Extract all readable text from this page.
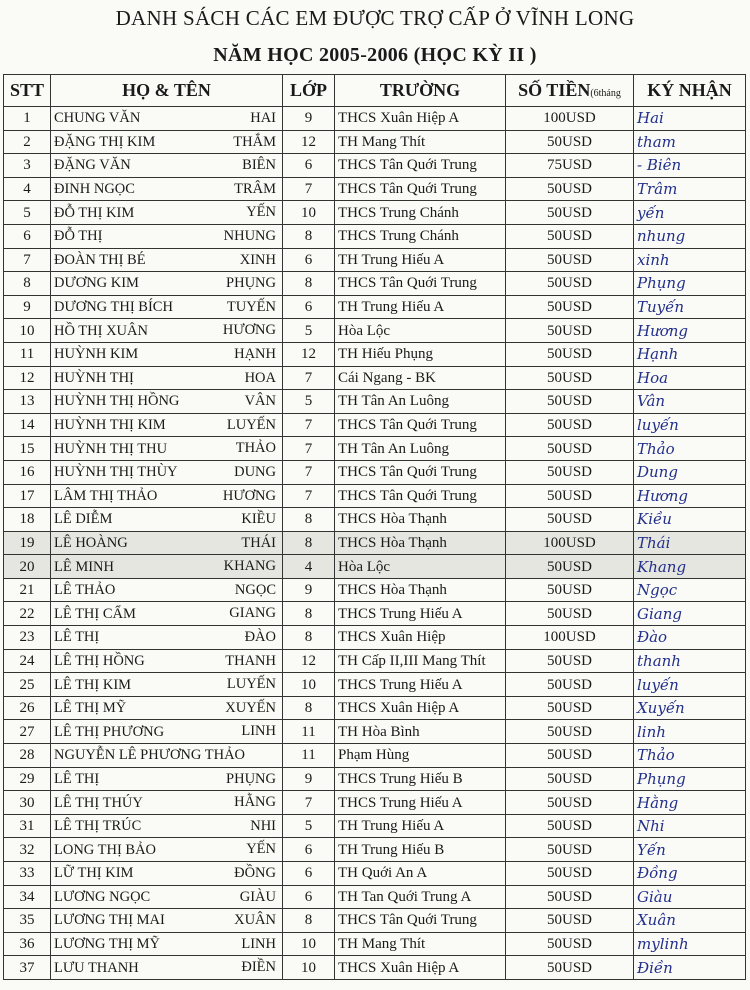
DANH SÁCH CÁC EM ĐƯỢC TRỢ CẤP Ở VĨNH LONG
NĂM HỌC 2005-2006 (HỌC KỲ II )
STT	HỌ & TÊN	LỚP	TRƯỜNG	SỐ TIỀN(6tháng	KÝ NHẬN
1	CHUNG VĂN HAI	9	THCS Xuân Hiệp A	100USD	Hai
2	ĐẶNG THỊ KIM THẮM	12	TH Mang Thít	50USD	tham
3	ĐẶNG VĂN BIÊN	6	THCS Tân Quới Trung	75USD	- Biên
4	ĐINH NGỌC TRÂM	7	THCS Tân Quới Trung	50USD	Trâm
5	ĐỖ THỊ KIM YẾN	10	THCS Trung Chánh	50USD	yến
6	ĐỖ THỊ NHUNG	8	THCS Trung Chánh	50USD	nhung
7	ĐOÀN THỊ BÉ XINH	6	TH Trung Hiếu A	50USD	xinh
8	DƯƠNG KIM PHỤNG	8	THCS Tân Quới Trung	50USD	Phụng
9	DƯƠNG THỊ BÍCH TUYẾN	6	TH Trung Hiếu A	50USD	Tuyến
10	HỒ THỊ XUÂN HƯƠNG	5	Hòa Lộc	50USD	Hương
11	HUỲNH KIM HẠNH	12	TH Hiếu Phụng	50USD	Hạnh
12	HUỲNH THỊ HOA	7	Cái Ngang - BK	50USD	Hoa
13	HUỲNH THỊ HỒNG VÂN	5	TH Tân An Luông	50USD	Vân
14	HUỲNH THỊ KIM LUYẾN	7	THCS Tân Quới Trung	50USD	luyến
15	HUỲNH THỊ THU THẢO	7	TH Tân An Luông	50USD	Thảo
16	HUỲNH THỊ THÙY DUNG	7	THCS Tân Quới Trung	50USD	Dung
17	LÂM THỊ THẢO HƯƠNG	7	THCS Tân Quới Trung	50USD	Hương
18	LÊ DIỄM KIỀU	8	THCS Hòa Thạnh	50USD	Kiều
19	LÊ HOÀNG THÁI	8	THCS Hòa Thạnh	100USD	Thái
20	LÊ MINH KHANG	4	Hòa Lộc	50USD	Khang
21	LÊ THẢO NGỌC	9	THCS Hòa Thạnh	50USD	Ngọc
22	LÊ THỊ CẨM GIANG	8	THCS Trung Hiếu A	50USD	Giang
23	LÊ THỊ ĐÀO	8	THCS Xuân Hiệp	100USD	Đào
24	LÊ THỊ HỒNG THANH	12	TH Cấp II,III Mang Thít	50USD	thanh
25	LÊ THỊ KIM LUYẾN	10	THCS Trung Hiếu A	50USD	luyến
26	LÊ THỊ MỸ XUYẾN	8	THCS Xuân Hiệp A	50USD	Xuyến
27	LÊ THỊ PHƯƠNG LINH	11	TH Hòa Bình	50USD	linh
28	NGUYỄN LÊ PHƯƠNG THẢO	11	Phạm Hùng	50USD	Thảo
29	LÊ THỊ PHỤNG	9	THCS Trung Hiếu B	50USD	Phụng
30	LÊ THỊ THÚY HẰNG	7	THCS Trung Hiếu A	50USD	Hằng
31	LÊ THỊ TRÚC NHI	5	TH Trung Hiếu A	50USD	Nhi
32	LONG THỊ BẢO YẾN	6	TH Trung Hiếu B	50USD	Yến
33	LỮ THỊ KIM ĐỒNG	6	TH Quới An A	50USD	Đồng
34	LƯƠNG NGỌC GIÀU	6	TH Tan Quới Trung A	50USD	Giàu
35	LƯƠNG THỊ MAI XUÂN	8	THCS Tân Quới Trung	50USD	Xuân
36	LƯƠNG THỊ MỸ LINH	10	TH Mang Thít	50USD	mylinh
37	LƯU THANH ĐIỀN	10	THCS Xuân Hiệp A	50USD	Điền
